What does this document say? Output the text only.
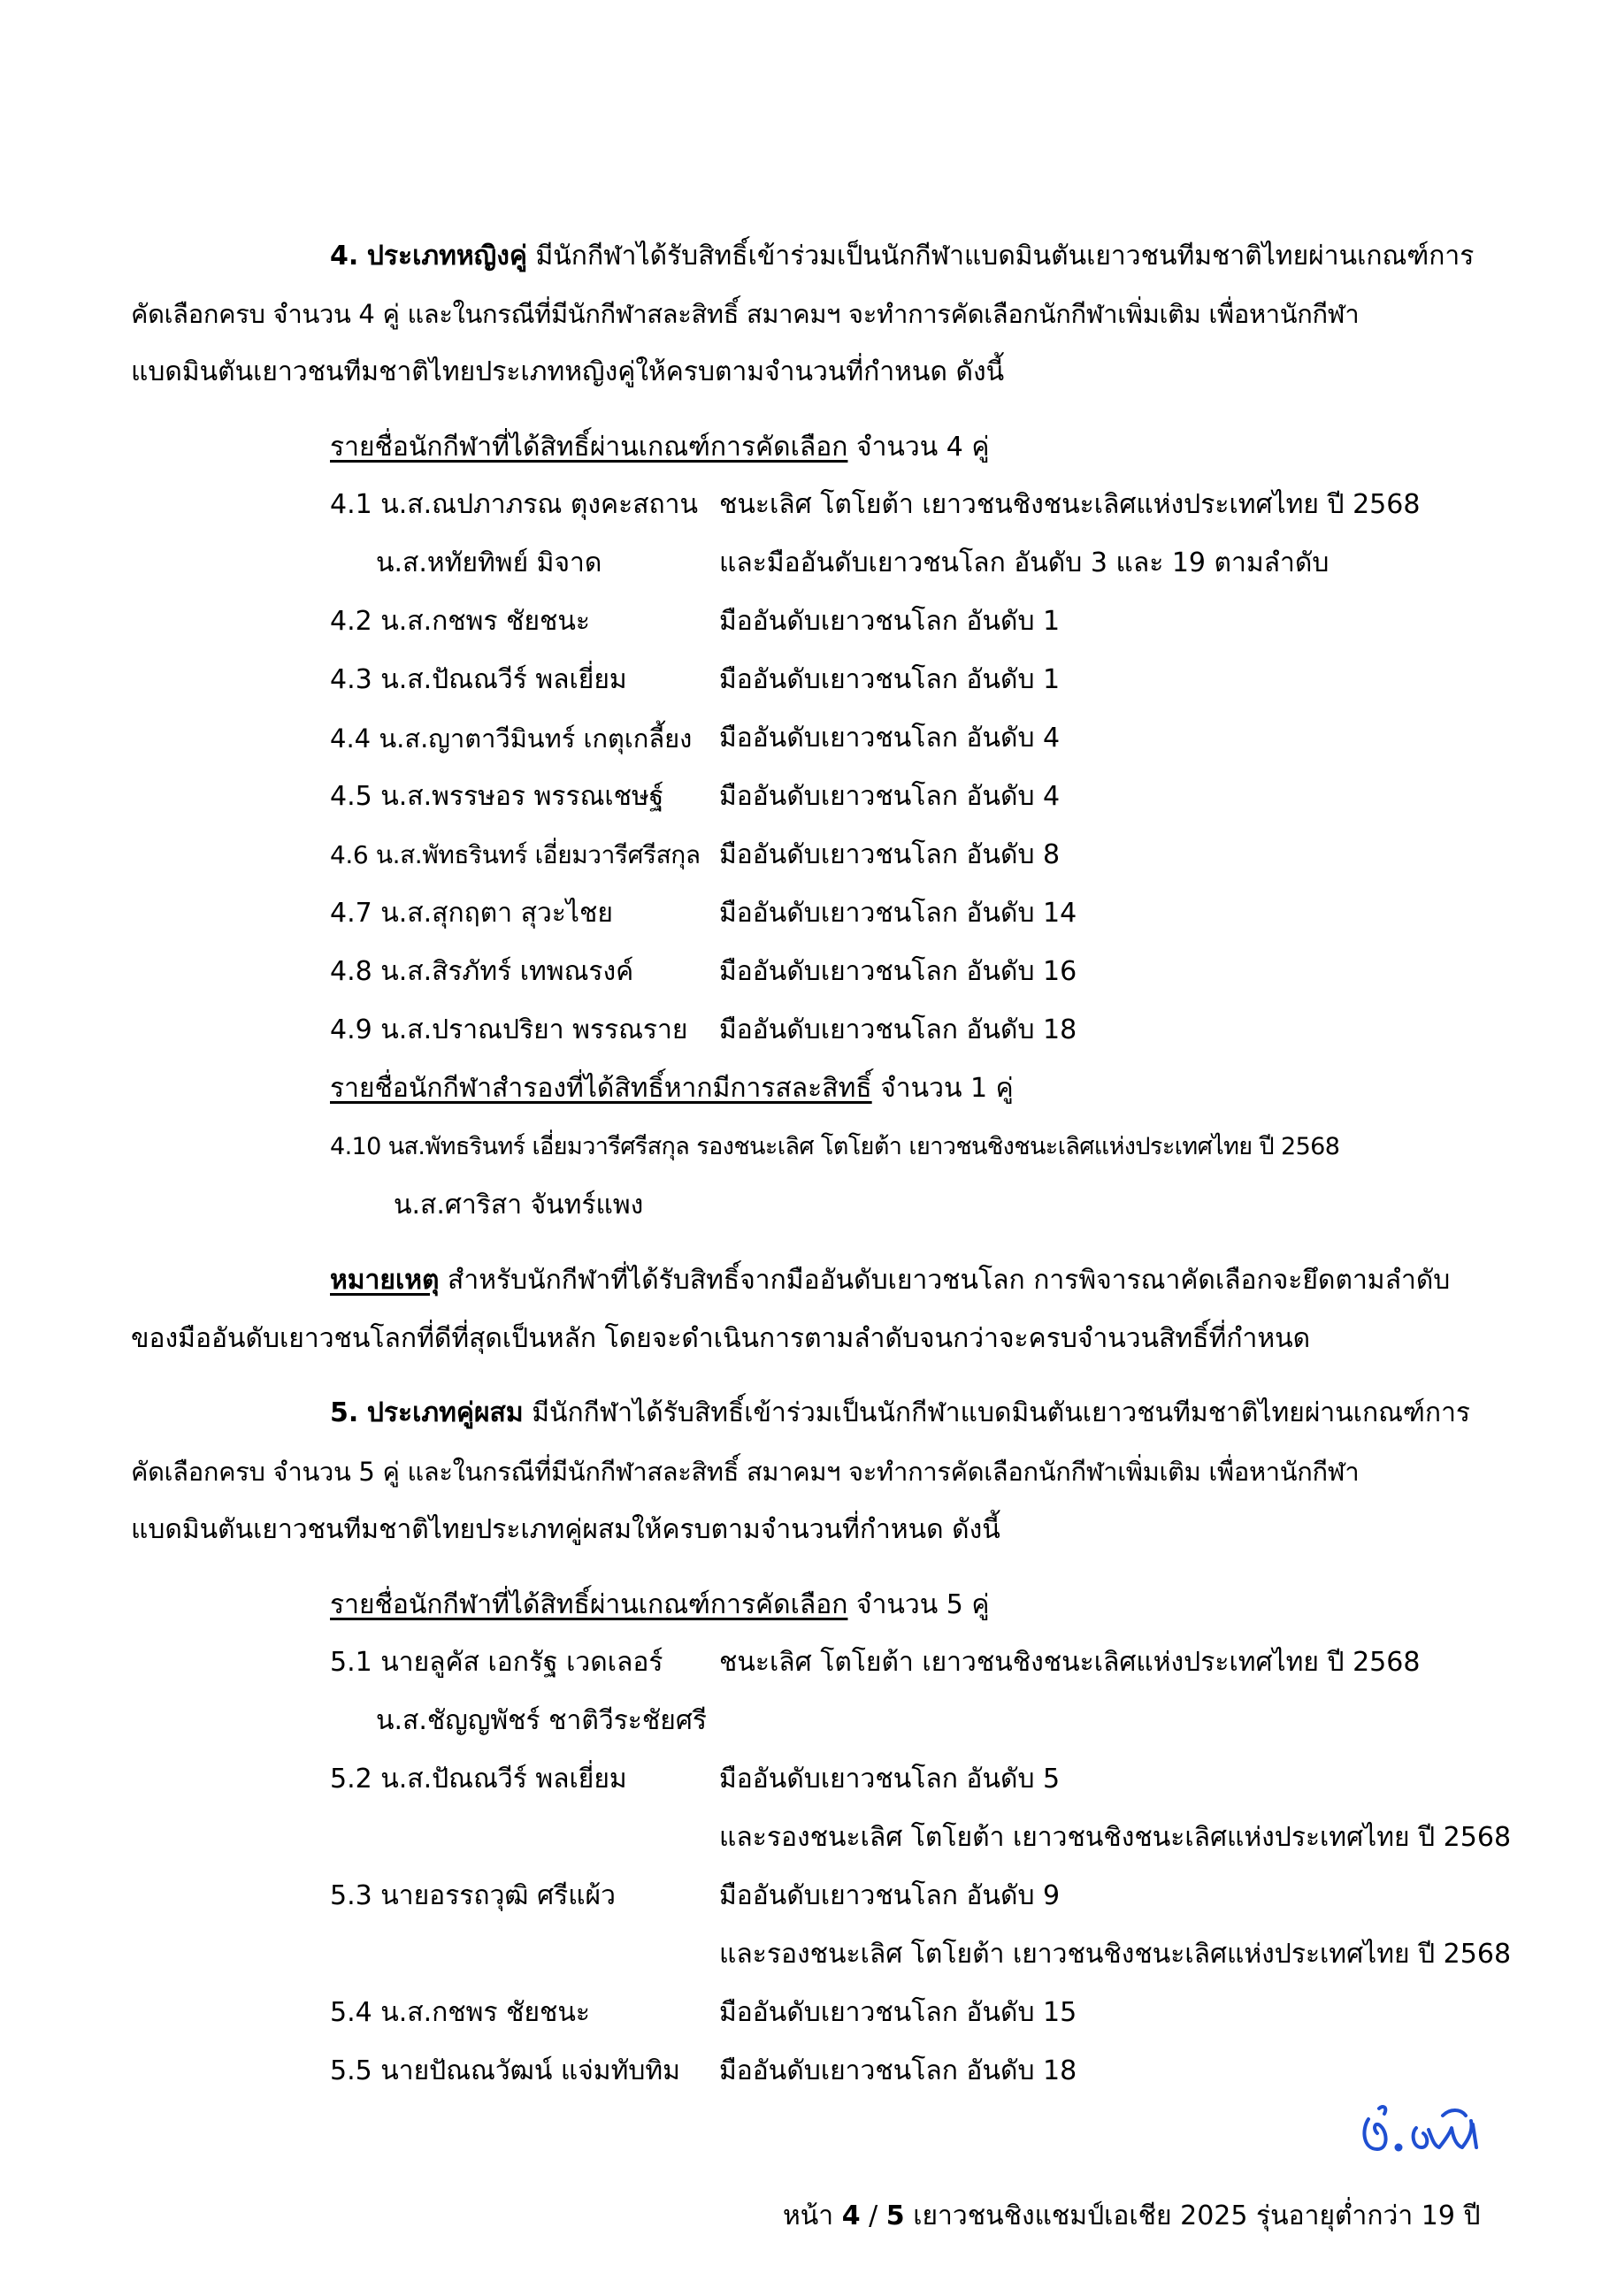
4. ประเภทหญิงคู่ มีนักกีฬาได้รับสิทธิ์เข้าร่วมเป็นนักกีฬาแบดมินตันเยาวชนทีมชาติไทยผ่านเกณฑ์การ
คัดเลือกครบ จำนวน 4 คู่ และในกรณีที่มีนักกีฬาสละสิทธิ์ สมาคมฯ จะทำการคัดเลือกนักกีฬาเพิ่มเติม เพื่อหานักกีฬา
แบดมินตันเยาวชนทีมชาติไทยประเภทหญิงคู่ให้ครบตามจำนวนที่กำหนด ดังนี้
รายชื่อนักกีฬาที่ได้สิทธิ์ผ่านเกณฑ์การคัดเลือก จำนวน 4 คู่
4.1 น.ส.ณปภาภรณ ตุงคะสถาน ชนะเลิศ โตโยต้า เยาวชนชิงชนะเลิศแห่งประเทศไทย ปี 2568
น.ส.หทัยทิพย์ มิจาด	และมืออันดับเยาวชนโลก อันดับ 3 และ 19 ตามลำดับ
4.2 น.ส.กชพร ชัยชนะ	มืออันดับเยาวชนโลก อันดับ 1
4.3 น.ส.ปัณณวีร์ พลเยี่ยม	มืออันดับเยาวชนโลก อันดับ 1
4.4 น.ส.ญาตาวีมินทร์ เกตุเกลี้ยง มืออันดับเยาวชนโลก อันดับ 4
4.5 น.ส.พรรษอร พรรณเชษฐ์ มืออันดับเยาวชนโลก อันดับ 4
4.6 น.ส.พัทธรินทร์ เอี่ยมวารีศรีสกุล มืออันดับเยาวชนโลก อันดับ 8
4.7 น.ส.สุกฤตา สุวะไชย	มืออันดับเยาวชนโลก อันดับ 14
4.8 น.ส.สิรภัทร์ เทพณรงค์	มืออันดับเยาวชนโลก อันดับ 16
4.9 น.ส.ปราณปริยา พรรณราย มืออันดับเยาวชนโลก อันดับ 18
รายชื่อนักกีฬาสำรองที่ได้สิทธิ์หากมีการสละสิทธิ์ จำนวน 1 คู่
4.10 นส.พัทธรินทร์ เอี่ยมวารีศรีสกุล รองชนะเลิศ โตโยต้า เยาวชนชิงชนะเลิศแห่งประเทศไทย ปี 2568
น.ส.ศาริสา จันทร์แพง
หมายเหตุ สำหรับนักกีฬาที่ได้รับสิทธิ์จากมืออันดับเยาวชนโลก การพิจารณาคัดเลือกจะยึดตามลำดับ
ของมืออันดับเยาวชนโลกที่ดีที่สุดเป็นหลัก โดยจะดำเนินการตามลำดับจนกว่าจะครบจำนวนสิทธิ์ที่กำหนด
5. ประเภทคู่ผสม มีนักกีฬาได้รับสิทธิ์เข้าร่วมเป็นนักกีฬาแบดมินตันเยาวชนทีมชาติไทยผ่านเกณฑ์การ
คัดเลือกครบ จำนวน 5 คู่ และในกรณีที่มีนักกีฬาสละสิทธิ์ สมาคมฯ จะทำการคัดเลือกนักกีฬาเพิ่มเติม เพื่อหานักกีฬา
แบดมินตันเยาวชนทีมชาติไทยประเภทคู่ผสมให้ครบตามจำนวนที่กำหนด ดังนี้
รายชื่อนักกีฬาที่ได้สิทธิ์ผ่านเกณฑ์การคัดเลือก จำนวน 5 คู่
5.1 นายลูคัส เอกรัฐ เวดเลอร์ ชนะเลิศ โตโยต้า เยาวชนชิงชนะเลิศแห่งประเทศไทย ปี 2568
น.ส.ชัญญพัชร์ ชาติวีระชัยศรี
5.2 น.ส.ปัณณวีร์ พลเยี่ยม	มืออันดับเยาวชนโลก อันดับ 5
และรองชนะเลิศ โตโยต้า เยาวชนชิงชนะเลิศแห่งประเทศไทย ปี 2568
5.3 นายอรรถวุฒิ ศรีแผ้ว	มืออันดับเยาวชนโลก อันดับ 9
และรองชนะเลิศ โตโยต้า เยาวชนชิงชนะเลิศแห่งประเทศไทย ปี 2568
5.4 น.ส.กชพร ชัยชนะ	มืออันดับเยาวชนโลก อันดับ 15
5.5 นายปัณณวัฒน์ แจ่มทับทิม มืออันดับเยาวชนโลก อันดับ 18
หน้า 4 / 5 เยาวชนชิงแชมป์เอเชีย 2025 รุ่นอายุต่ำกว่า 19 ปี
